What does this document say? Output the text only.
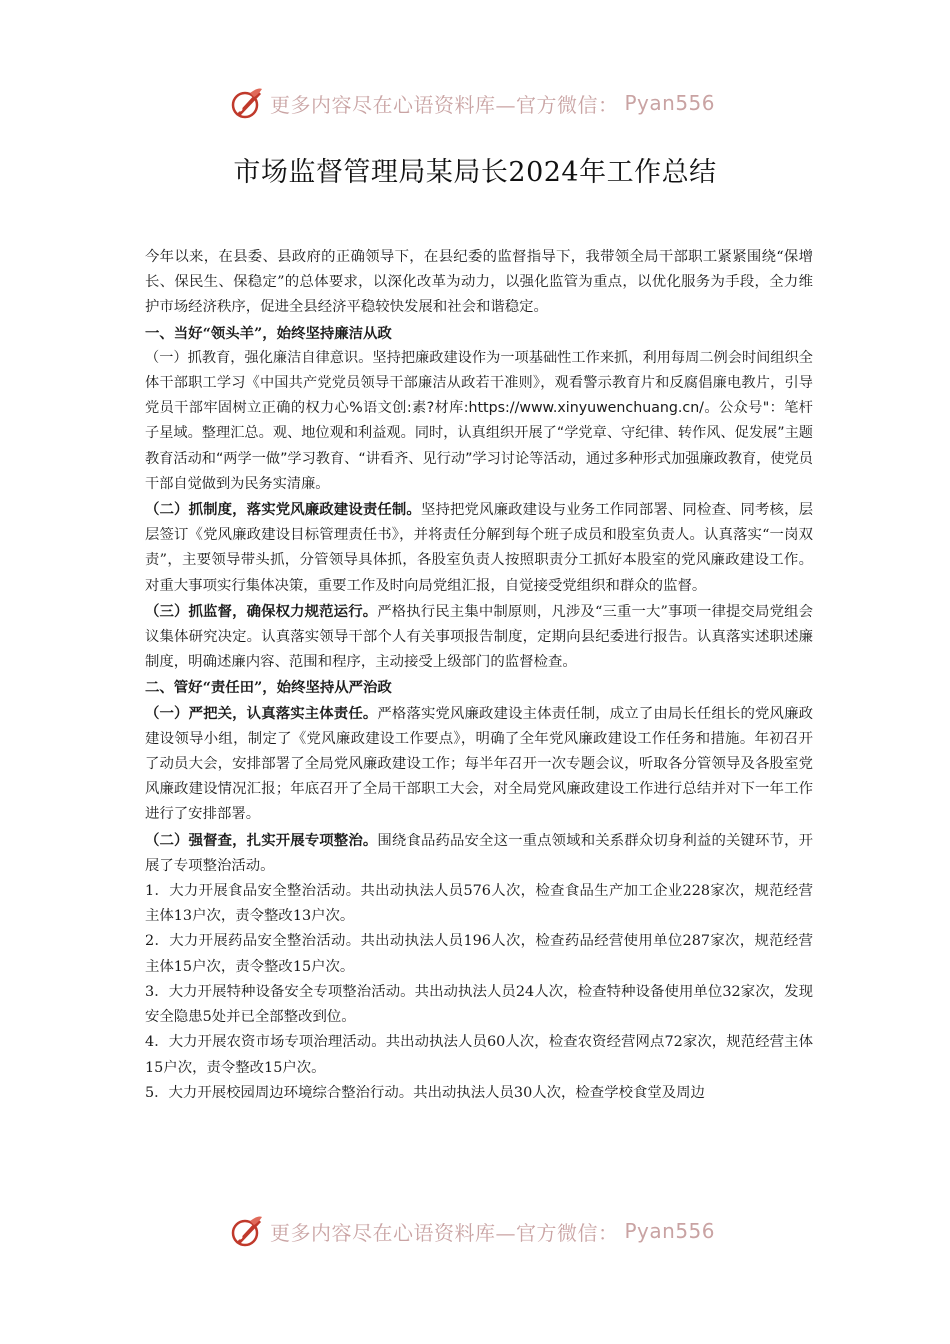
更多内容尽在心语资料库—官方微信： Pyan556
市场监督管理局某局长2024年工作总结

今年以来，在县委、县政府的正确领导下，在县纪委的监督指导下，我带领全局干部职工紧紧围绕“保增长、保民生、保稳定”的总体要求，以深化改革为动力，以强化监管为重点，以优化服务为手段，全力维护市场经济秩序，促进全县经济平稳较快发展和社会和谐稳定。

一、当好“领头羊”，始终坚持廉洁从政

（一）抓教育，强化廉洁自律意识。坚持把廉政建设作为一项基础性工作来抓，利用每周二例会时间组织全体干部职工学习《中国共产党党员领导干部廉洁从政若干准则》，观看警示教育片和反腐倡廉电教片，引导党员干部牢固树立正确的权力心%语文创:素?材库:https://www.xinyuwenchuang.cn/。公众号"：笔杆子星域。整理汇总。观、地位观和利益观。同时，认真组织开展了“学党章、守纪律、转作风、促发展”主题教育活动和“两学一做”学习教育、“讲看齐、见行动”学习讨论等活动，通过多种形式加强廉政教育，使党员干部自觉做到为民务实清廉。

（二）抓制度，落实党风廉政建设责任制。坚持把党风廉政建设与业务工作同部署、同检查、同考核，层层签订《党风廉政建设目标管理责任书》，并将责任分解到每个班子成员和股室负责人。认真落实“一岗双责”，主要领导带头抓，分管领导具体抓，各股室负责人按照职责分工抓好本股室的党风廉政建设工作。对重大事项实行集体决策，重要工作及时向局党组汇报，自觉接受党组织和群众的监督。

（三）抓监督，确保权力规范运行。严格执行民主集中制原则，凡涉及“三重一大”事项一律提交局党组会议集体研究决定。认真落实领导干部个人有关事项报告制度，定期向县纪委进行报告。认真落实述职述廉制度，明确述廉内容、范围和程序，主动接受上级部门的监督检查。

二、管好“责任田”，始终坚持从严治政

（一）严把关，认真落实主体责任。严格落实党风廉政建设主体责任制，成立了由局长任组长的党风廉政建设领导小组，制定了《党风廉政建设工作要点》，明确了全年党风廉政建设工作任务和措施。年初召开了动员大会，安排部署了全局党风廉政建设工作；每半年召开一次专题会议，听取各分管领导及各股室党风廉政建设情况汇报；年底召开了全局干部职工大会，对全局党风廉政建设工作进行总结并对下一年工作进行了安排部署。

（二）强督查，扎实开展专项整治。围绕食品药品安全这一重点领域和关系群众切身利益的关键环节，开展了专项整治活动。

1．大力开展食品安全整治活动。共出动执法人员576人次，检查食品生产加工企业228家次，规范经营主体13户次，责令整改13户次。

2．大力开展药品安全整治活动。共出动执法人员196人次，检查药品经营使用单位287家次，规范经营主体15户次，责令整改15户次。

3．大力开展特种设备安全专项整治活动。共出动执法人员24人次，检查特种设备使用单位32家次，发现安全隐患5处并已全部整改到位。

4．大力开展农资市场专项治理活动。共出动执法人员60人次，检查农资经营网点72家次，规范经营主体15户次，责令整改15户次。

5．大力开展校园周边环境综合整治行动。共出动执法人员30人次，检查学校食堂及周边

更多内容尽在心语资料库—官方微信： Pyan556
